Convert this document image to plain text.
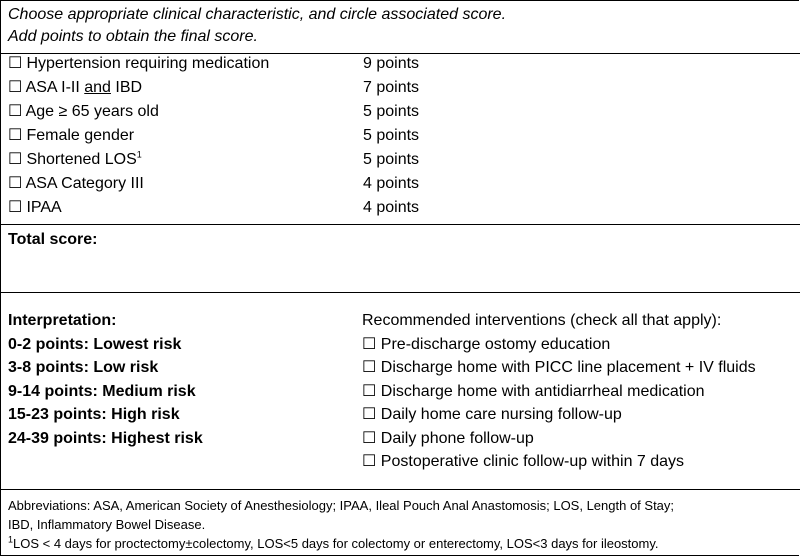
Choose appropriate clinical characteristic, and circle associated score.
Add points to obtain the final score.
☐ Hypertension requiring medication	9 points
☐ ASA I-II and IBD	7 points
☐ Age ≥ 65 years old	5 points
☐ Female gender	5 points
☐ Shortened LOS$^1$	5 points
☐ ASA Category III	4 points
☐ IPAA	4 points
Total score:
Interpretation:
0-2 points: Lowest risk
3-8 points: Low risk
9-14 points: Medium risk
15-23 points: High risk
24-39 points: Highest risk
Recommended interventions (check all that apply):
☐ Pre-discharge ostomy education
☐ Discharge home with PICC line placement + IV fluids
☐ Discharge home with antidiarrheal medication
☐ Daily home care nursing follow-up
☐ Daily phone follow-up
☐ Postoperative clinic follow-up within 7 days
Abbreviations: ASA, American Society of Anesthesiology; IPAA, Ileal Pouch Anal Anastomosis; LOS, Length of Stay;
IBD, Inflammatory Bowel Disease.
$^1$LOS < 4 days for proctectomy±colectomy, LOS<5 days for colectomy or enterectomy, LOS<3 days for ileostomy.
